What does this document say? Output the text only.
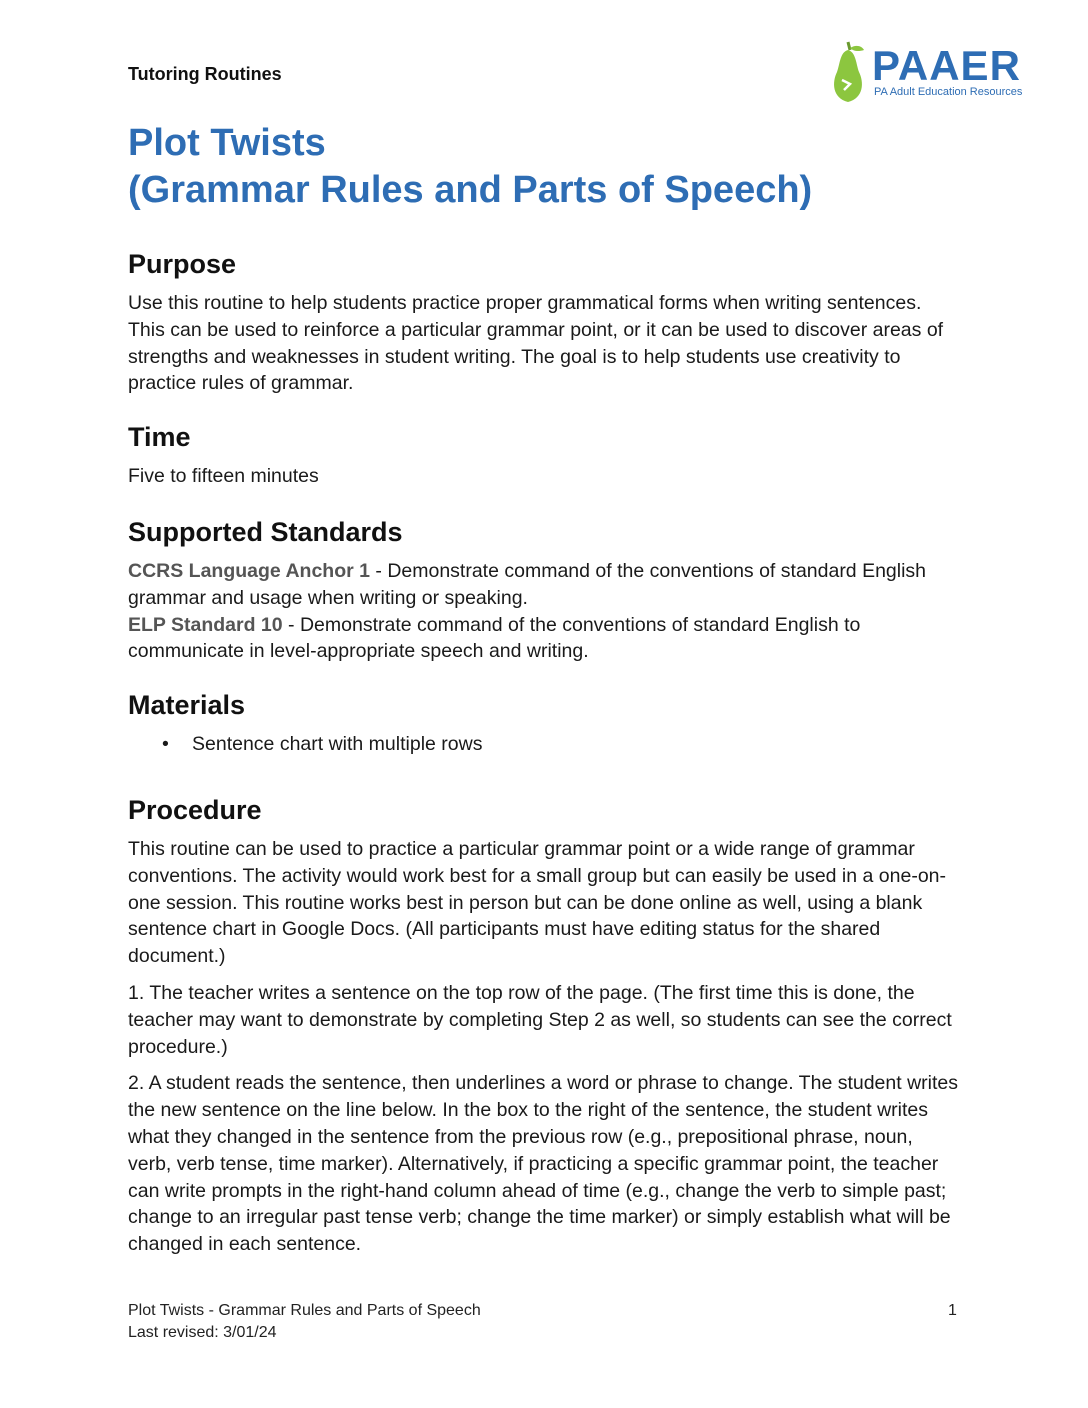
Tutoring Routines	PAAER
PA Adult Education Resources
Plot Twists
(Grammar Rules and Parts of Speech)
Purpose

Use this routine to help students practice proper grammatical forms when writing sentences. This can be used to reinforce a particular grammar point, or it can be used to discover areas of strengths and weaknesses in student writing. The goal is to help students use creativity to practice rules of grammar.

Time

Five to fifteen minutes

Supported Standards

CCRS Language Anchor 1 - Demonstrate command of the conventions of standard English grammar and usage when writing or speaking.

ELP Standard 10 - Demonstrate command of the conventions of standard English to communicate in level-appropriate speech and writing.

Materials
• Sentence chart with multiple rows
Procedure

This routine can be used to practice a particular grammar point or a wide range of grammar conventions. The activity would work best for a small group but can easily be used in a one-on-one session. This routine works best in person but can be done online as well, using a blank sentence chart in Google Docs. (All participants must have editing status for the shared document.)

1. The teacher writes a sentence on the top row of the page. (The first time this is done, the teacher may want to demonstrate by completing Step 2 as well, so students can see the correct procedure.)

2. A student reads the sentence, then underlines a word or phrase to change. The student writes the new sentence on the line below. In the box to the right of the sentence, the student writes what they changed in the sentence from the previous row (e.g., prepositional phrase, noun, verb, verb tense, time marker). Alternatively, if practicing a specific grammar point, the teacher can write prompts in the right-hand column ahead of time (e.g., change the verb to simple past; change to an irregular past tense verb; change the time marker) or simply establish what will be changed in each sentence.

Plot Twists - Grammar Rules and Parts of Speech
Last revised: 3/01/24
1
